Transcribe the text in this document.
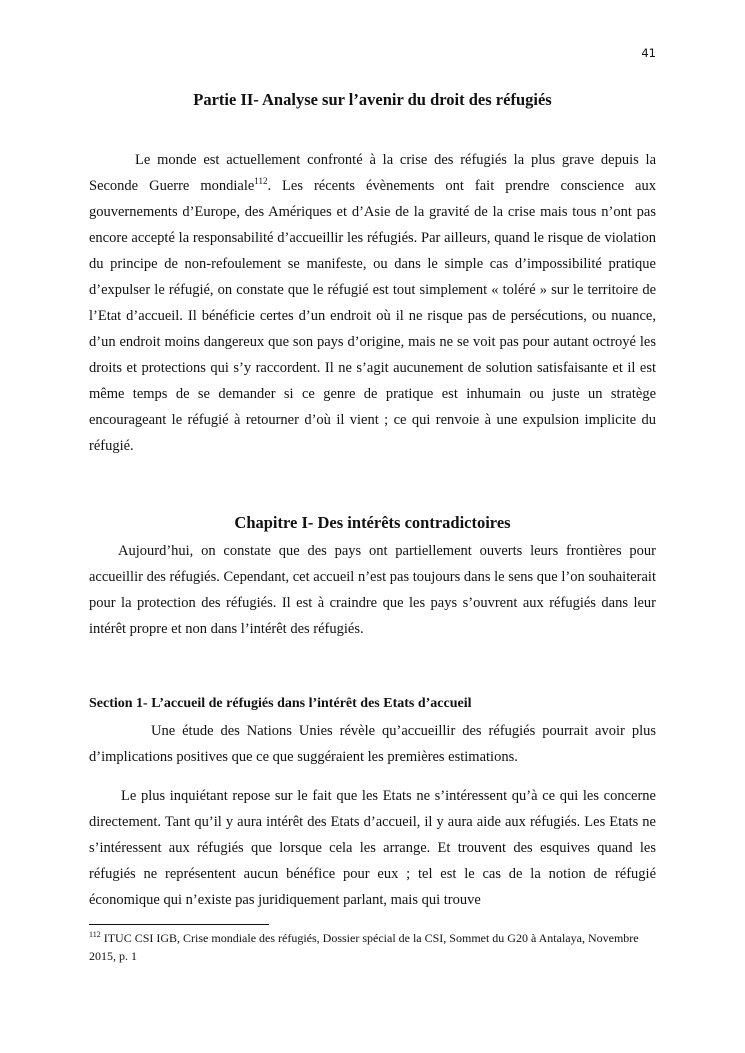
41
Partie II- Analyse sur l’avenir du droit des réfugiés

Le monde est actuellement confronté à la crise des réfugiés la plus grave depuis la Seconde Guerre mondiale$^{112}$. Les récents évènements ont fait prendre conscience aux gouvernements d’Europe, des Amériques et d’Asie de la gravité de la crise mais tous n’ont pas encore accepté la responsabilité d’accueillir les réfugiés. Par ailleurs, quand le risque de violation du principe de non-refoulement se manifeste, ou dans le simple cas d’impossibilité pratique d’expulser le réfugié, on constate que le réfugié est tout simplement « toléré » sur le territoire de l’Etat d’accueil. Il bénéficie certes d’un endroit où il ne risque pas de persécutions, ou nuance, d’un endroit moins dangereux que son pays d’origine, mais ne se voit pas pour autant octroyé les droits et protections qui s’y raccordent. Il ne s’agit aucunement de solution satisfaisante et il est même temps de se demander si ce genre de pratique est inhumain ou juste un stratège encourageant le réfugié à retourner d’où il vient ; ce qui renvoie à une expulsion implicite du réfugié.

Chapitre I- Des intérêts contradictoires

Aujourd’hui, on constate que des pays ont partiellement ouverts leurs frontières pour accueillir des réfugiés. Cependant, cet accueil n’est pas toujours dans le sens que l’on souhaiterait pour la protection des réfugiés. Il est à craindre que les pays s’ouvrent aux réfugiés dans leur intérêt propre et non dans l’intérêt des réfugiés.

Section 1- L’accueil de réfugiés dans l’intérêt des Etats d’accueil

Une étude des Nations Unies révèle qu’accueillir des réfugiés pourrait avoir plus d’implications positives que ce que suggéraient les premières estimations.

Le plus inquiétant repose sur le fait que les Etats ne s’intéressent qu’à ce qui les concerne directement. Tant qu’il y aura intérêt des Etats d’accueil, il y aura aide aux réfugiés. Les Etats ne s’intéressent aux réfugiés que lorsque cela les arrange. Et trouvent des esquives quand les réfugiés ne représentent aucun bénéfice pour eux ; tel est le cas de la notion de réfugié économique qui n’existe pas juridiquement parlant, mais qui trouve

$^{112}$ ITUC CSI IGB, Crise mondiale des réfugiés, Dossier spécial de la CSI, Sommet du G20 à Antalaya, Novembre 2015, p. 1
